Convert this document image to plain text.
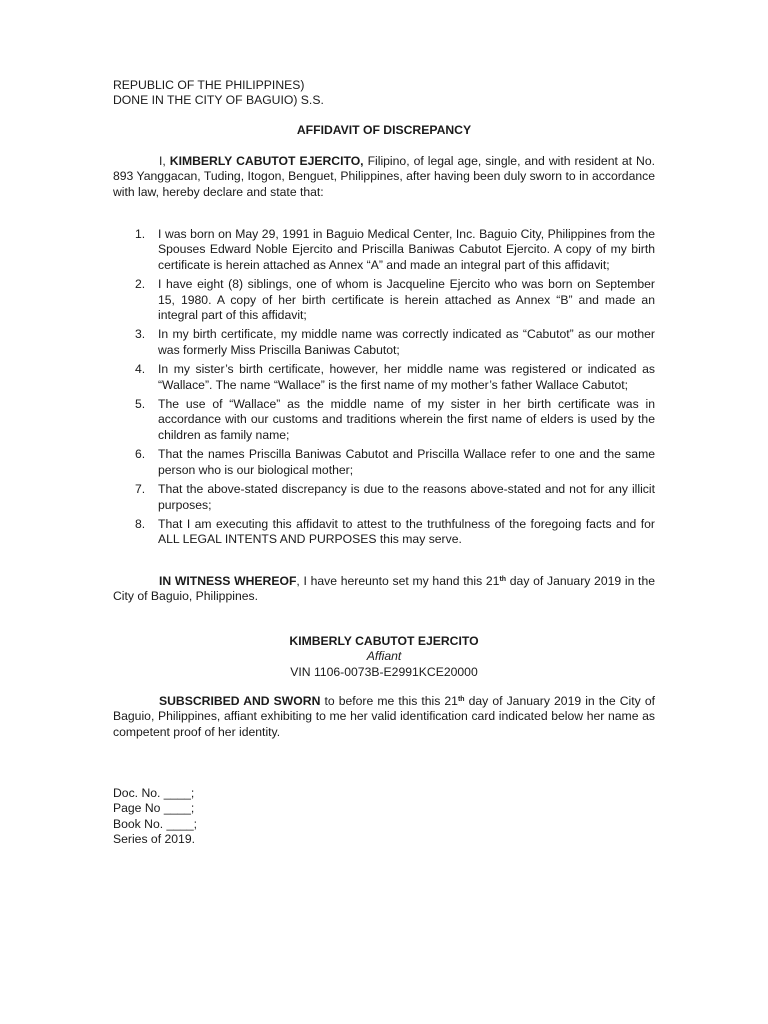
REPUBLIC OF THE PHILIPPINES)
DONE IN THE CITY OF BAGUIO) S.S.
AFFIDAVIT OF DISCREPANCY
I, KIMBERLY CABUTOT EJERCITO, Filipino, of legal age, single, and with resident at No. 893 Yanggacan, Tuding, Itogon, Benguet, Philippines, after having been duly sworn to in accordance with law, hereby declare and state that:
1. I was born on May 29, 1991 in Baguio Medical Center, Inc. Baguio City, Philippines from the Spouses Edward Noble Ejercito and Priscilla Baniwas Cabutot Ejercito. A copy of my birth certificate is herein attached as Annex “A” and made an integral part of this affidavit;
2. I have eight (8) siblings, one of whom is Jacqueline Ejercito who was born on September 15, 1980. A copy of her birth certificate is herein attached as Annex “B” and made an integral part of this affidavit;
3. In my birth certificate, my middle name was correctly indicated as “Cabutot” as our mother was formerly Miss Priscilla Baniwas Cabutot;
4. In my sister’s birth certificate, however, her middle name was registered or indicated as “Wallace”. The name “Wallace” is the first name of my mother’s father Wallace Cabutot;
5. The use of “Wallace” as the middle name of my sister in her birth certificate was in accordance with our customs and traditions wherein the first name of elders is used by the children as family name;
6. That the names Priscilla Baniwas Cabutot and Priscilla Wallace refer to one and the same person who is our biological mother;
7. That the above-stated discrepancy is due to the reasons above-stated and not for any illicit purposes;
8. That I am executing this affidavit to attest to the truthfulness of the foregoing facts and for ALL LEGAL INTENTS AND PURPOSES this may serve.
IN WITNESS WHEREOF, I have hereunto set my hand this 21th day of January 2019 in the City of Baguio, Philippines.
KIMBERLY CABUTOT EJERCITO
Affiant
VIN 1106-0073B-E2991KCE20000
SUBSCRIBED AND SWORN to before me this this 21th day of January 2019 in the City of Baguio, Philippines, affiant exhibiting to me her valid identification card indicated below her name as competent proof of her identity.
Doc. No. ____;
Page No ____;
Book No. ____;
Series of 2019.
